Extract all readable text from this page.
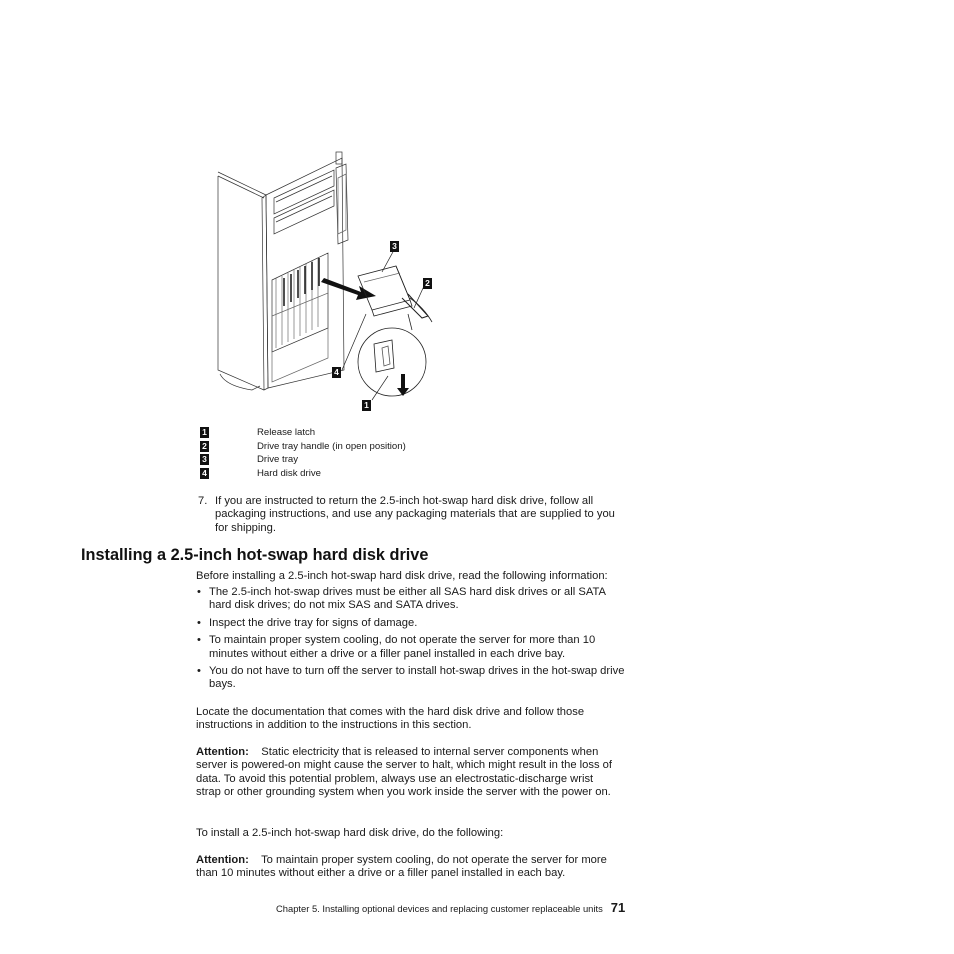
3
2
4
1
1	Release latch
2	Drive tray handle (in open position)
3	Drive tray
4	Hard disk drive
7. If you are instructed to return the 2.5-inch hot-swap hard disk drive, follow all packaging instructions, and use any packaging materials that are supplied to you for shipping.
Installing a 2.5-inch hot-swap hard disk drive
Before installing a 2.5-inch hot-swap hard disk drive, read the following information:
• The 2.5-inch hot-swap drives must be either all SAS hard disk drives or all SATA hard disk drives; do not mix SAS and SATA drives.
• Inspect the drive tray for signs of damage.
• To maintain proper system cooling, do not operate the server for more than 10 minutes without either a drive or a filler panel installed in each drive bay.
• You do not have to turn off the server to install hot-swap drives in the hot-swap drive bays.
Locate the documentation that comes with the hard disk drive and follow those instructions in addition to the instructions in this section.
Attention: Static electricity that is released to internal server components when server is powered-on might cause the server to halt, which might result in the loss of data. To avoid this potential problem, always use an electrostatic-discharge wrist strap or other grounding system when you work inside the server with the power on.
To install a 2.5-inch hot-swap hard disk drive, do the following:
Attention: To maintain proper system cooling, do not operate the server for more than 10 minutes without either a drive or a filler panel installed in each bay.
Chapter 5. Installing optional devices and replacing customer replaceable units 71
